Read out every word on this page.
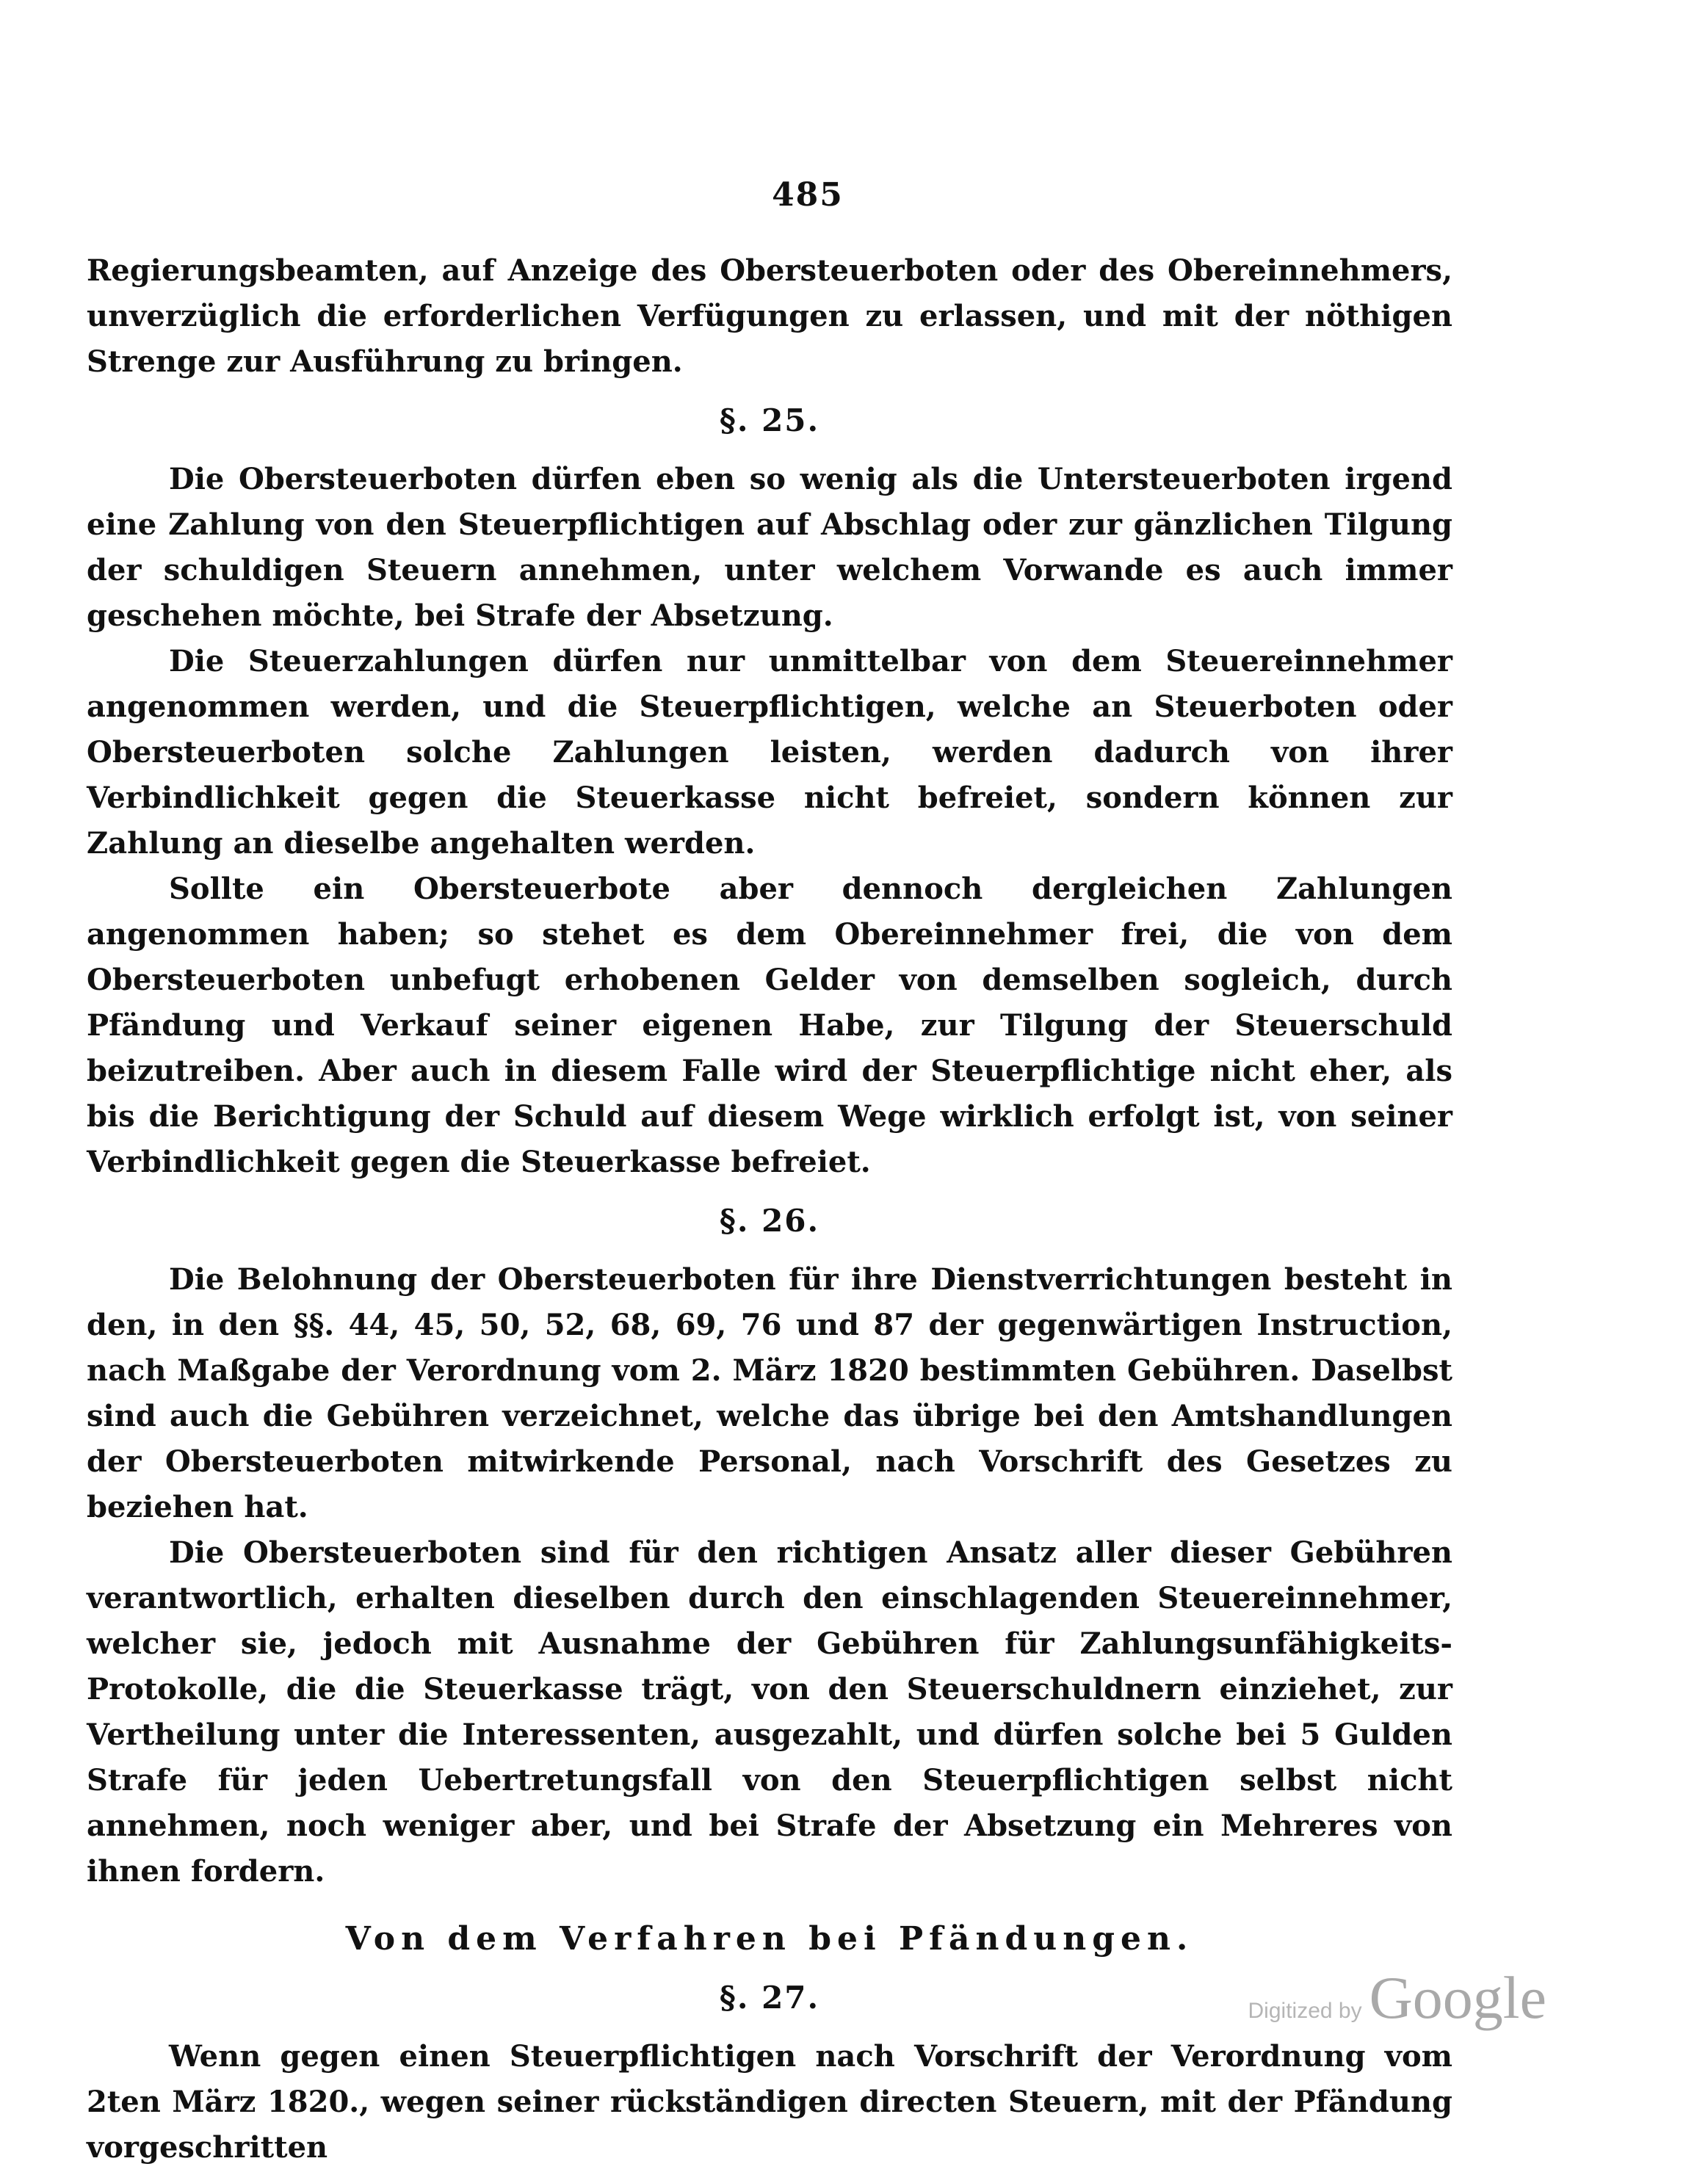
485

Regierungsbeamten, auf Anzeige des Obersteuerboten oder des Obereinnehmers, unverzüglich die erforderlichen Verfügungen zu erlassen, und mit der nöthigen Strenge zur Ausführung zu bringen.

§. 25.

Die Obersteuerboten dürfen eben so wenig als die Untersteuerboten irgend eine Zahlung von den Steuerpflichtigen auf Abschlag oder zur gänzlichen Tilgung der schuldigen Steuern annehmen, unter welchem Vorwande es auch immer geschehen möchte, bei Strafe der Absetzung.

Die Steuerzahlungen dürfen nur unmittelbar von dem Steuereinnehmer angenommen werden, und die Steuerpflichtigen, welche an Steuerboten oder Obersteuerboten solche Zahlungen leisten, werden dadurch von ihrer Verbindlichkeit gegen die Steuerkasse nicht befreiet, sondern können zur Zahlung an dieselbe angehalten werden.

Sollte ein Obersteuerbote aber dennoch dergleichen Zahlungen angenommen haben; so stehet es dem Obereinnehmer frei, die von dem Obersteuerboten unbefugt erhobenen Gelder von demselben sogleich, durch Pfändung und Verkauf seiner eigenen Habe, zur Tilgung der Steuerschuld beizutreiben. Aber auch in diesem Falle wird der Steuerpflichtige nicht eher, als bis die Berichtigung der Schuld auf diesem Wege wirklich erfolgt ist, von seiner Verbindlichkeit gegen die Steuerkasse befreiet.

§. 26.

Die Belohnung der Obersteuerboten für ihre Dienstverrichtungen besteht in den, in den §§. 44, 45, 50, 52, 68, 69, 76 und 87 der gegenwärtigen Instruction, nach Maßgabe der Verordnung vom 2. März 1820 bestimmten Gebühren. Daselbst sind auch die Gebühren verzeichnet, welche das übrige bei den Amtshandlungen der Obersteuerboten mitwirkende Personal, nach Vorschrift des Gesetzes zu beziehen hat.

Die Obersteuerboten sind für den richtigen Ansatz aller dieser Gebühren verantwortlich, erhalten dieselben durch den einschlagenden Steuereinnehmer, welcher sie, jedoch mit Ausnahme der Gebühren für Zahlungsunfähigkeits-Protokolle, die die Steuerkasse trägt, von den Steuerschuldnern einziehet, zur Vertheilung unter die Interessenten, ausgezahlt, und dürfen solche bei 5 Gulden Strafe für jeden Uebertretungsfall von den Steuerpflichtigen selbst nicht annehmen, noch weniger aber, und bei Strafe der Absetzung ein Mehreres von ihnen fordern.

Von dem Verfahren bei Pfändungen.
§. 27.

Wenn gegen einen Steuerpflichtigen nach Vorschrift der Verordnung vom 2ten März 1820., wegen seiner rückständigen directen Steuern, mit der Pfändung vorgeschritten

Digitized by Google
